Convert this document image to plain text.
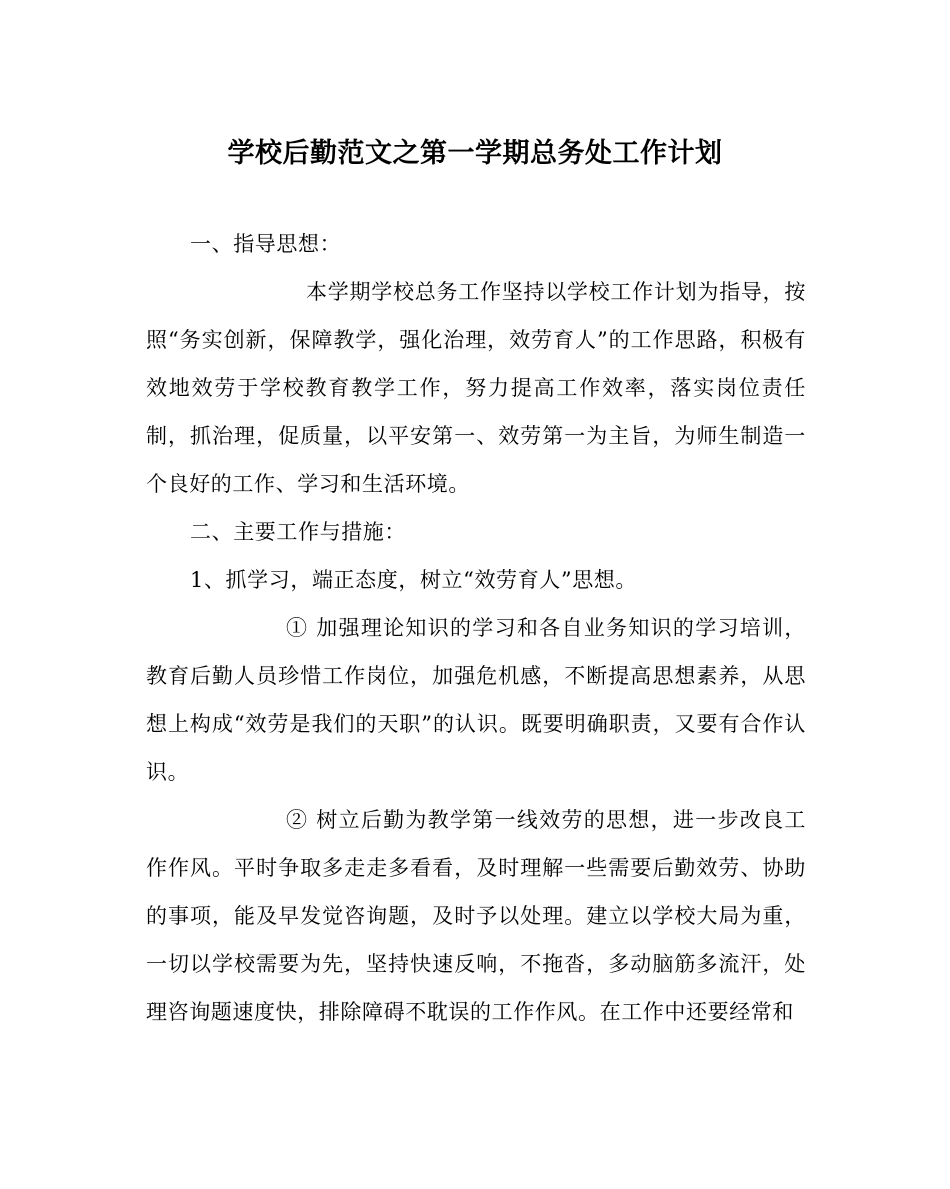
学校后勤范文之第一学期总务处工作计划

一、指导思想：

本学期学校总务工作坚持以学校工作计划为指导，按照“务实创新，保障教学，强化治理，效劳育人”的工作思路，积极有效地效劳于学校教育教学工作，努力提高工作效率，落实岗位责任制，抓治理，促质量，以平安第一、效劳第一为主旨，为师生制造一个良好的工作、学习和生活环境。

二、主要工作与措施：

1、抓学习，端正态度，树立“效劳育人”思想。

① 加强理论知识的学习和各自业务知识的学习培训，教育后勤人员珍惜工作岗位，加强危机感，不断提高思想素养，从思想上构成“效劳是我们的天职”的认识。既要明确职责，又要有合作认识。

② 树立后勤为教学第一线效劳的思想，进一步改良工作作风。平时争取多走走多看看，及时理解一些需要后勤效劳、协助的事项，能及早发觉咨询题，及时予以处理。建立以学校大局为重，一切以学校需要为先，坚持快速反响，不拖沓，多动脑筋多流汗，处理咨询题速度快，排除障碍不耽误的工作作风。在工作中还要经常和
